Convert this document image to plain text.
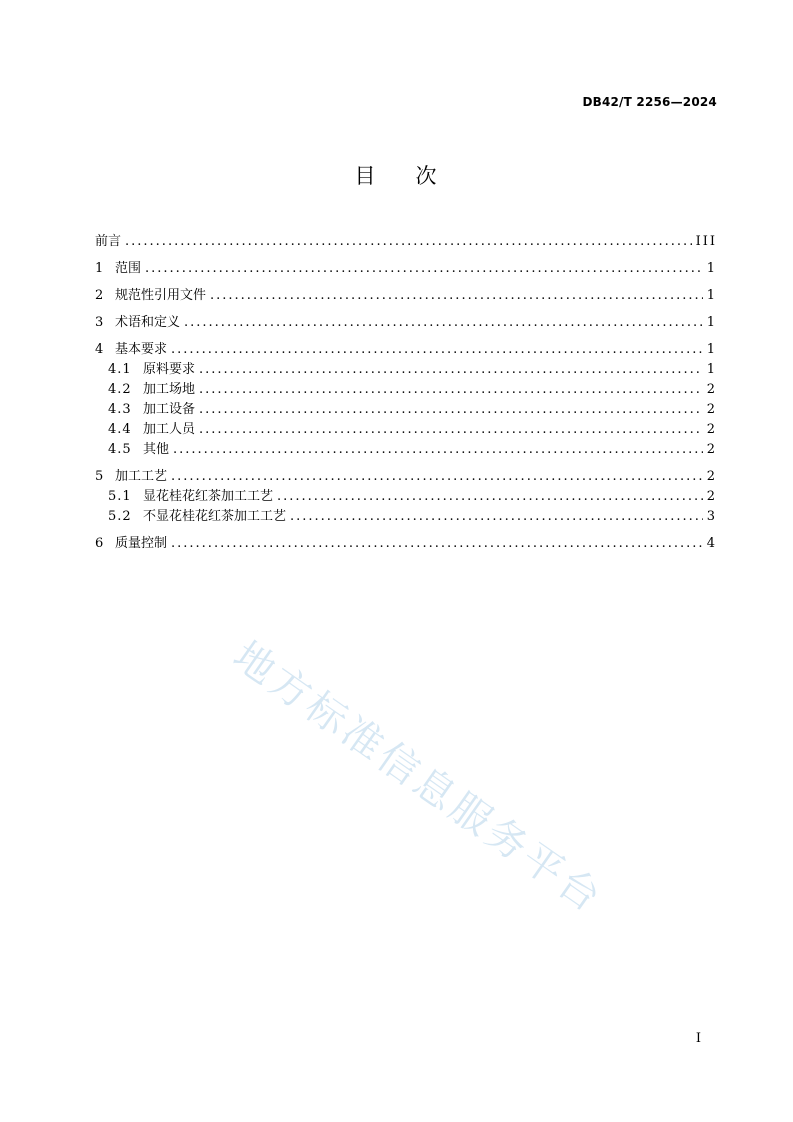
DB42/T 2256—2024
目 次
前言 .....	III
1 范围 .....	1
2 规范性引用文件 .....	1
3 术语和定义 .....	1
4 基本要求 .....	1
4.1 原料要求 .....	1
4.2 加工场地 .....	2
4.3 加工设备 .....	2
4.4 加工人员 .....	2
4.5 其他 .....	2
5 加工工艺 .....	2
5.1 显花桂花红茶加工工艺 .....	2
5.2 不显花桂花红茶加工工艺 .....	3
6 质量控制 .....	4
I
地方标准信息服务平台
